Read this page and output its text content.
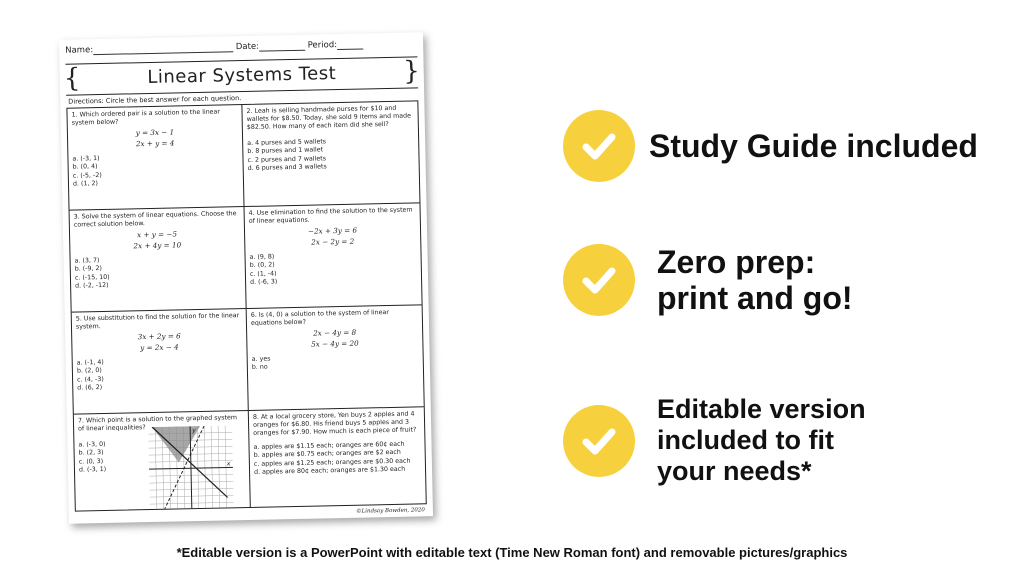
Name:	Date:	Period:
{	}
Linear Systems Test
Directions: Circle the best answer for each question.
1. Which ordered pair is a solution to the linear system below?
y = 3x − 1
2x + y = 4
a. (-3, 1)
b. (0, 4)
c. (-5, -2)
d. (1, 2)
2. Leah is selling handmade purses for $10 and wallets for $8.50. Today, she sold 9 items and made $82.50. How many of each item did she sell?
a. 4 purses and 5 wallets
b. 8 purses and 1 wallet
c. 2 purses and 7 wallets
d. 6 purses and 3 wallets
3. Solve the system of linear equations. Choose the correct solution below.
x + y = −5
2x + 4y = 10
a. (3, 7)
b. (-9, 2)
c. (-15, 10)
d. (-2, -12)
4. Use elimination to find the solution to the system of linear equations.
−2x + 3y = 6
2x − 2y = 2
a. (9, 8)
b. (0, 2)
c. (1, -4)
d. (-6, 3)
5. Use substitution to find the solution for the linear system.
3x + 2y = 6
y = 2x − 4
a. (-1, 4)
b. (2, 0)
c. (4, -3)
d. (6, 2)
6. Is (4, 0) a solution to the system of linear equations below?
2x − 4y = 8
5x − 4y = 20
a. yes
b. no
7. Which point is a solution to the graphed system of linear inequalities?
a. (-3, 0)
b. (2, 3)
c. (0, 3)
d. (-3, 1)
y
x
8. At a local grocery store, Yen buys 2 apples and 4 oranges for $6.80. His friend buys 5 apples and 3 oranges for $7.90. How much is each piece of fruit?
a. apples are $1.15 each; oranges are 60¢ each
b. apples are $0.75 each; oranges are $2 each
c. apples are $1.25 each; oranges are $0.30 each
d. apples are 80¢ each; oranges are $1.30 each
©Lindsay Bowden, 2020
Study Guide included
Zero prep:
print and go!
Editable version
included to fit
your needs*
*Editable version is a PowerPoint with editable text (Time New Roman font) and removable pictures/graphics
